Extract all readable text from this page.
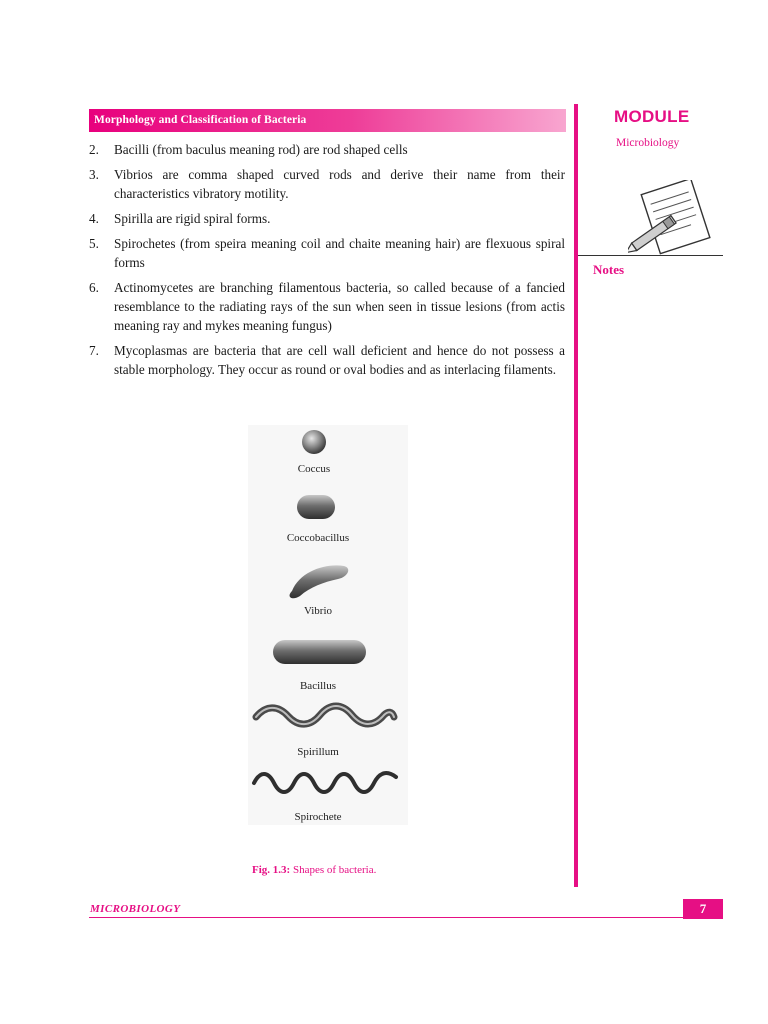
Morphology and Classification of Bacteria	MODULE
Microbiology
Notes
2. Bacilli (from baculus meaning rod) are rod shaped cells
3. Vibrios are comma shaped curved rods and derive their name from their characteristics vibratory motility.
4. Spirilla are rigid spiral forms.
5. Spirochetes (from speira meaning coil and chaite meaning hair) are flexuous spiral forms
6. Actinomycetes are branching filamentous bacteria, so called because of a fancied resemblance to the radiating rays of the sun when seen in tissue lesions (from actis meaning ray and mykes meaning fungus)
7. Mycoplasmas are bacteria that are cell wall deficient and hence do not possess a stable morphology. They occur as round or oval bodies and as interlacing filaments.
Coccus
Coccobacillus
Vibrio
Bacillus
Spirillum
Spirochete
Fig. 1.3: Shapes of bacteria.
MICROBIOLOGY	7
